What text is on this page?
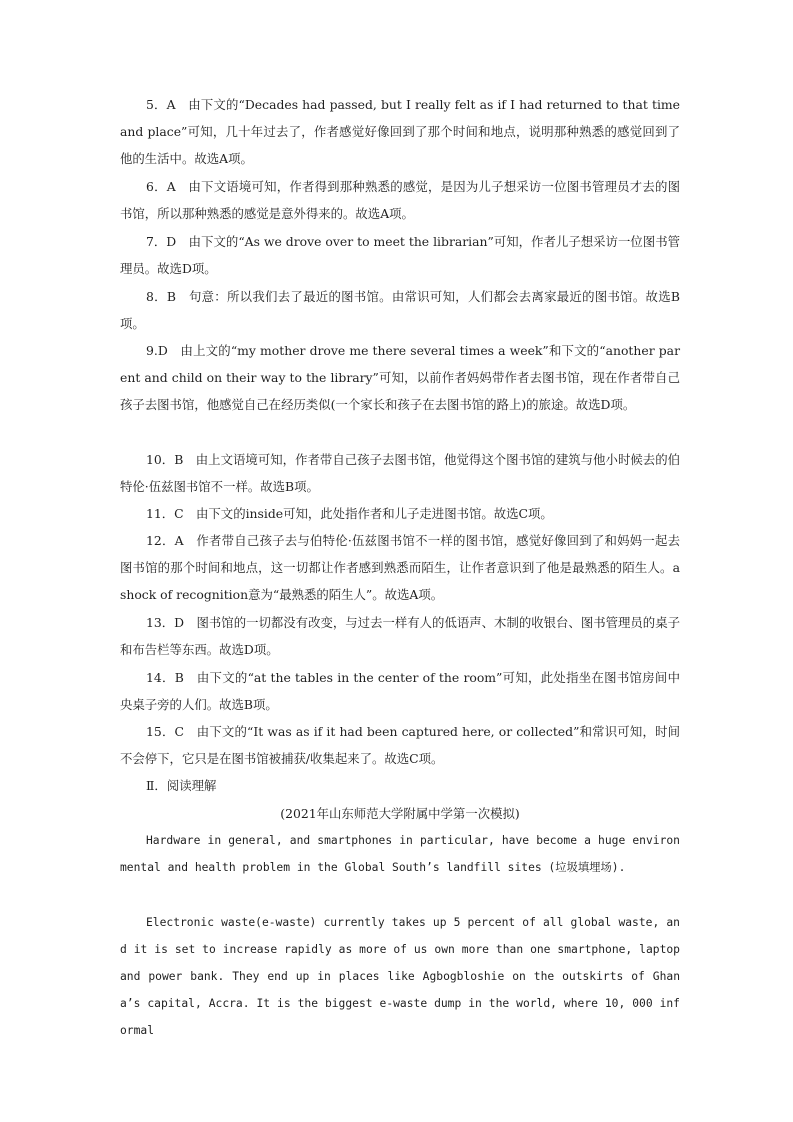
5．A　由下文的“Decades had passed, but I really felt as if I had returned to that time and place”可知，几十年过去了，作者感觉好像回到了那个时间和地点，说明那种熟悉的感觉回到了他的生活中。故选A项。

6．A　由下文语境可知，作者得到那种熟悉的感觉，是因为儿子想采访一位图书管理员才去的图书馆，所以那种熟悉的感觉是意外得来的。故选A项。

7．D　由下文的“As we drove over to meet the librarian”可知，作者儿子想采访一位图书管理员。故选D项。

8．B　句意：所以我们去了最近的图书馆。由常识可知，人们都会去离家最近的图书馆。故选B项。

9.D　由上文的“my mother drove me there several times a week”和下文的“another parent and child on their way to the library”可知，以前作者妈妈带作者去图书馆，现在作者带自己孩子去图书馆，他感觉自己在经历类似(一个家长和孩子在去图书馆的路上)的旅途。故选D项。

10．B　由上文语境可知，作者带自己孩子去图书馆，他觉得这个图书馆的建筑与他小时候去的伯特伦·伍兹图书馆不一样。故选B项。

11．C　由下文的inside可知，此处指作者和儿子走进图书馆。故选C项。

12．A　作者带自己孩子去与伯特伦·伍兹图书馆不一样的图书馆，感觉好像回到了和妈妈一起去图书馆的那个时间和地点，这一切都让作者感到熟悉而陌生，让作者意识到了他是最熟悉的陌生人。a shock of recognition意为“最熟悉的陌生人”。故选A项。

13．D　图书馆的一切都没有改变，与过去一样有人的低语声、木制的收银台、图书管理员的桌子和布告栏等东西。故选D项。

14．B　由下文的“at the tables in the center of the room”可知，此处指坐在图书馆房间中央桌子旁的人们。故选B项。

15．C　由下文的“It was as if it had been captured here, or collected”和常识可知，时间不会停下，它只是在图书馆被捕获/收集起来了。故选C项。

Ⅱ．阅读理解

(2021年山东师范大学附属中学第一次模拟)

Hardware in general, and smartphones in particular, have become a huge environmental and health problem in the Global South’s landfill sites (垃圾填埋场).

Electronic waste(e-waste) currently takes up 5 percent of all global waste, and it is set to increase rapidly as more of us own more than one smartphone, laptop and power bank. They end up in places like Agbogbloshie on the outskirts of Ghana’s capital, Accra. It is the biggest e-waste dump in the world, where 10, 000 informal
